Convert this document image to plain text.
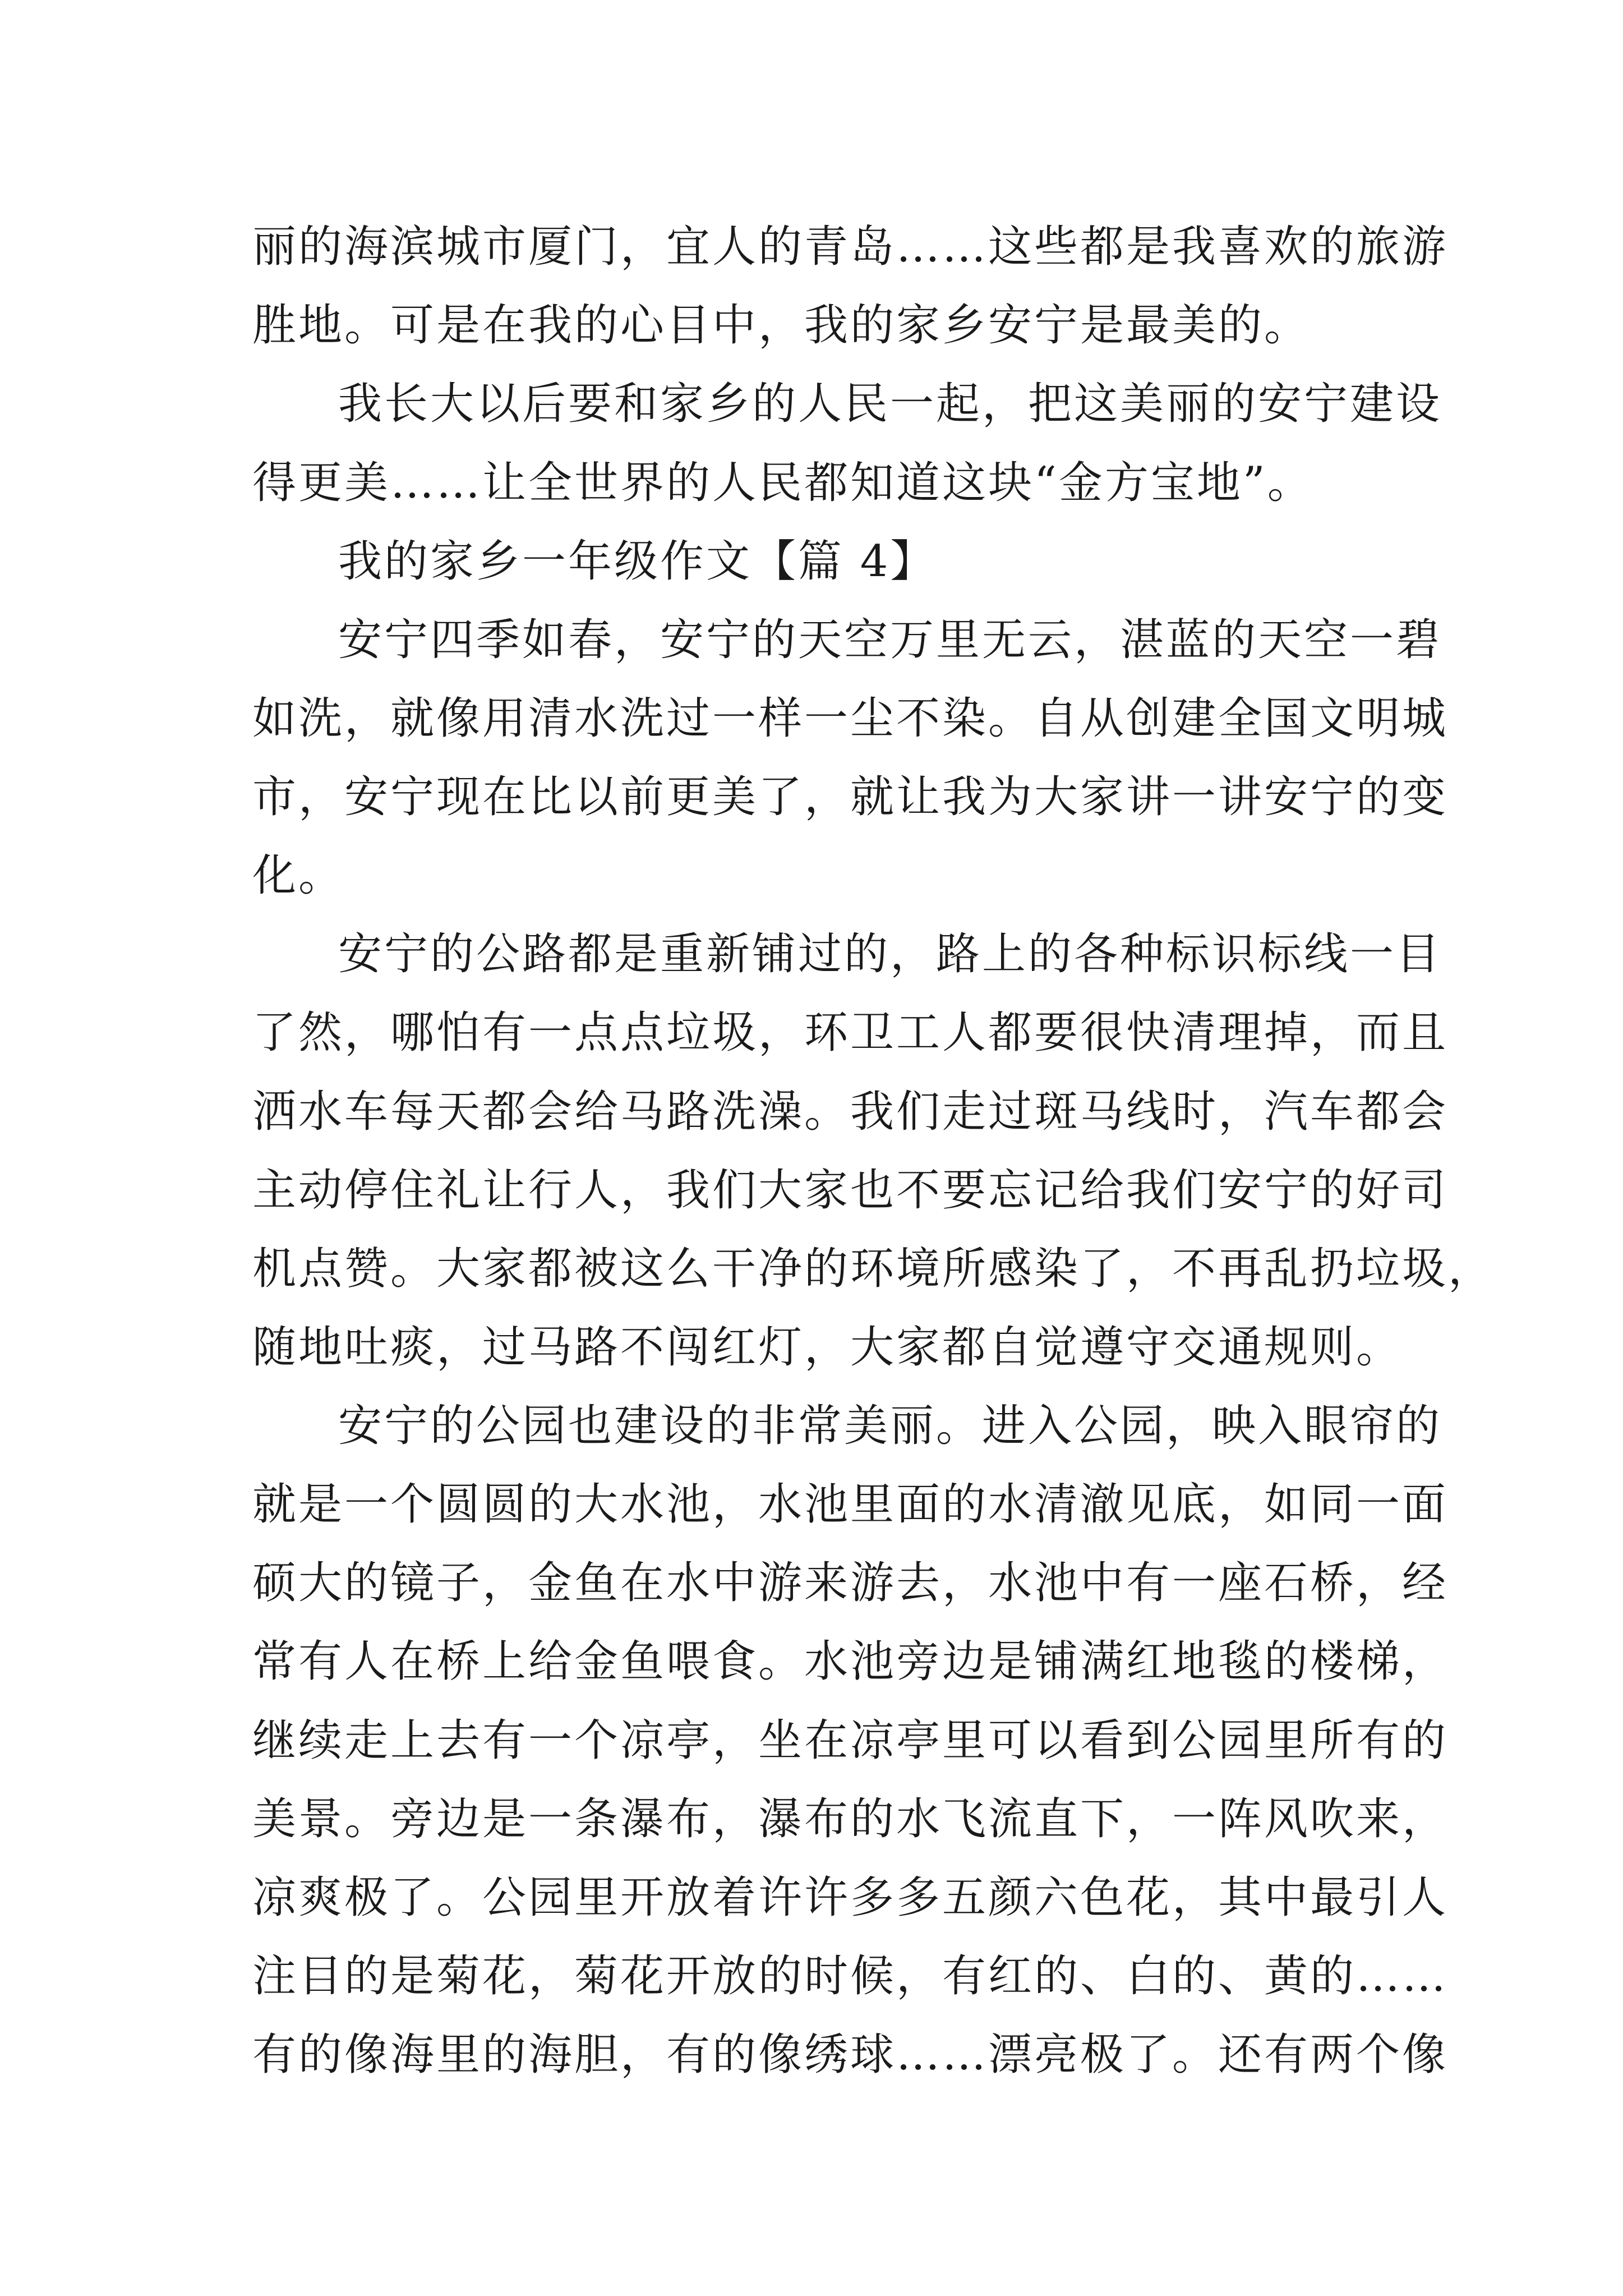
丽的海滨城市厦门，宜人的青岛……这些都是我喜欢的旅游
胜地。可是在我的心目中，我的家乡安宁是最美的。
我长大以后要和家乡的人民一起，把这美丽的安宁建设
得更美……让全世界的人民都知道这块“金方宝地”。
我的家乡一年级作文【篇 4】
安宁四季如春，安宁的天空万里无云，湛蓝的天空一碧
如洗，就像用清水洗过一样一尘不染。自从创建全国文明城
市，安宁现在比以前更美了，就让我为大家讲一讲安宁的变
化。
安宁的公路都是重新铺过的，路上的各种标识标线一目
了然，哪怕有一点点垃圾，环卫工人都要很快清理掉，而且
洒水车每天都会给马路洗澡。我们走过斑马线时，汽车都会
主动停住礼让行人，我们大家也不要忘记给我们安宁的好司
机点赞。大家都被这么干净的环境所感染了，不再乱扔垃圾，
随地吐痰，过马路不闯红灯，大家都自觉遵守交通规则。
安宁的公园也建设的非常美丽。进入公园，映入眼帘的
就是一个圆圆的大水池，水池里面的水清澈见底，如同一面
硕大的镜子，金鱼在水中游来游去，水池中有一座石桥，经
常有人在桥上给金鱼喂食。水池旁边是铺满红地毯的楼梯，
继续走上去有一个凉亭，坐在凉亭里可以看到公园里所有的
美景。旁边是一条瀑布，瀑布的水飞流直下，一阵风吹来，
凉爽极了。公园里开放着许许多多五颜六色花，其中最引人
注目的是菊花，菊花开放的时候，有红的、白的、黄的……
有的像海里的海胆，有的像绣球……漂亮极了。还有两个像
